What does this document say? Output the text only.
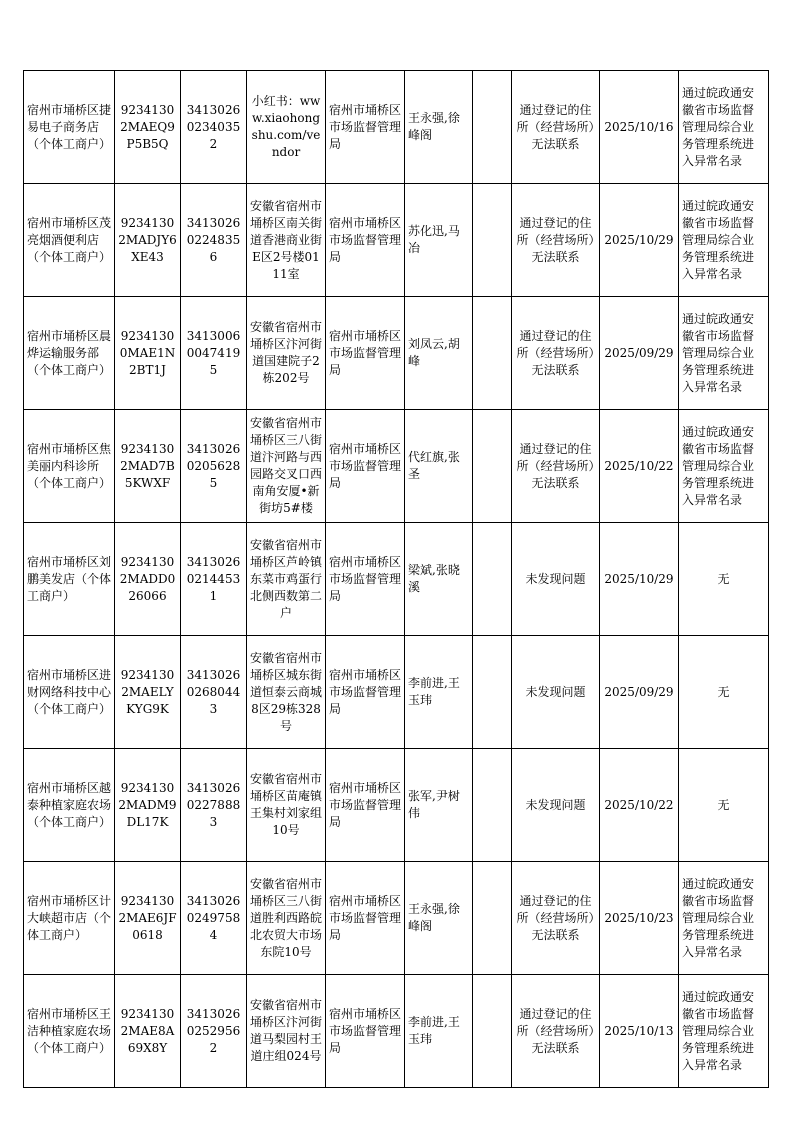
宿州市埇桥区捷易电子商务店（个体工商户）	92341302MAEQ9P5B5Q	341302602340352	小红书：www.xiaohongshu.com/vendor	宿州市埇桥区市场监督管理局	王永强,徐峰阁		通过登记的住所（经营场所）无法联系	2025/10/16	通过皖政通安徽省市场监督管理局综合业务管理系统进入异常名录
宿州市埇桥区茂亮烟酒便利店（个体工商户）	92341302MADJY6XE43	341302602248356	安徽省宿州市埇桥区南关街道香港商业街E区2号楼0111室	宿州市埇桥区市场监督管理局	苏化迅,马冶		通过登记的住所（经营场所）无法联系	2025/10/29	通过皖政通安徽省市场监督管理局综合业务管理系统进入异常名录
宿州市埇桥区晨烨运输服务部（个体工商户）	92341300MAE1N2BT1J	341300600474195	安徽省宿州市埇桥区汴河街道国建院子2栋202号	宿州市埇桥区市场监督管理局	刘凤云,胡峰		通过登记的住所（经营场所）无法联系	2025/09/29	通过皖政通安徽省市场监督管理局综合业务管理系统进入异常名录
宿州市埇桥区焦美丽内科诊所（个体工商户）	92341302MAD7B5KWXF	341302602056285	安徽省宿州市埇桥区三八街道汴河路与西园路交叉口西南角安厦•新街坊5#楼	宿州市埇桥区市场监督管理局	代红旗,张圣		通过登记的住所（经营场所）无法联系	2025/10/22	通过皖政通安徽省市场监督管理局综合业务管理系统进入异常名录
宿州市埇桥区刘鹏美发店（个体工商户）	92341302MADD026066	341302602144531	安徽省宿州市埇桥区芦岭镇东菜市鸡蛋行北侧西数第二户	宿州市埇桥区市场监督管理局	梁斌,张晓溪		未发现问题	2025/10/29	无
宿州市埇桥区进财网络科技中心（个体工商户）	92341302MAELYKYG9K	341302602680443	安徽省宿州市埇桥区城东街道恒泰云商城8区29栋328号	宿州市埇桥区市场监督管理局	李前进,王玉玮		未发现问题	2025/09/29	无
宿州市埇桥区越泰种植家庭农场（个体工商户）	92341302MADM9DL17K	341302602278883	安徽省宿州市埇桥区苗庵镇王集村刘家组10号	宿州市埇桥区市场监督管理局	张军,尹树伟		未发现问题	2025/10/22	无
宿州市埇桥区计大峡超市店（个体工商户）	92341302MAE6JF0618	341302602497584	安徽省宿州市埇桥区三八街道胜利西路皖北农贸大市场东院10号	宿州市埇桥区市场监督管理局	王永强,徐峰阁		通过登记的住所（经营场所）无法联系	2025/10/23	通过皖政通安徽省市场监督管理局综合业务管理系统进入异常名录
宿州市埇桥区王洁种植家庭农场（个体工商户）	92341302MAE8A69X8Y	341302602529562	安徽省宿州市埇桥区汴河街道马梨园村王道庄组024号	宿州市埇桥区市场监督管理局	李前进,王玉玮		通过登记的住所（经营场所）无法联系	2025/10/13	通过皖政通安徽省市场监督管理局综合业务管理系统进入异常名录
